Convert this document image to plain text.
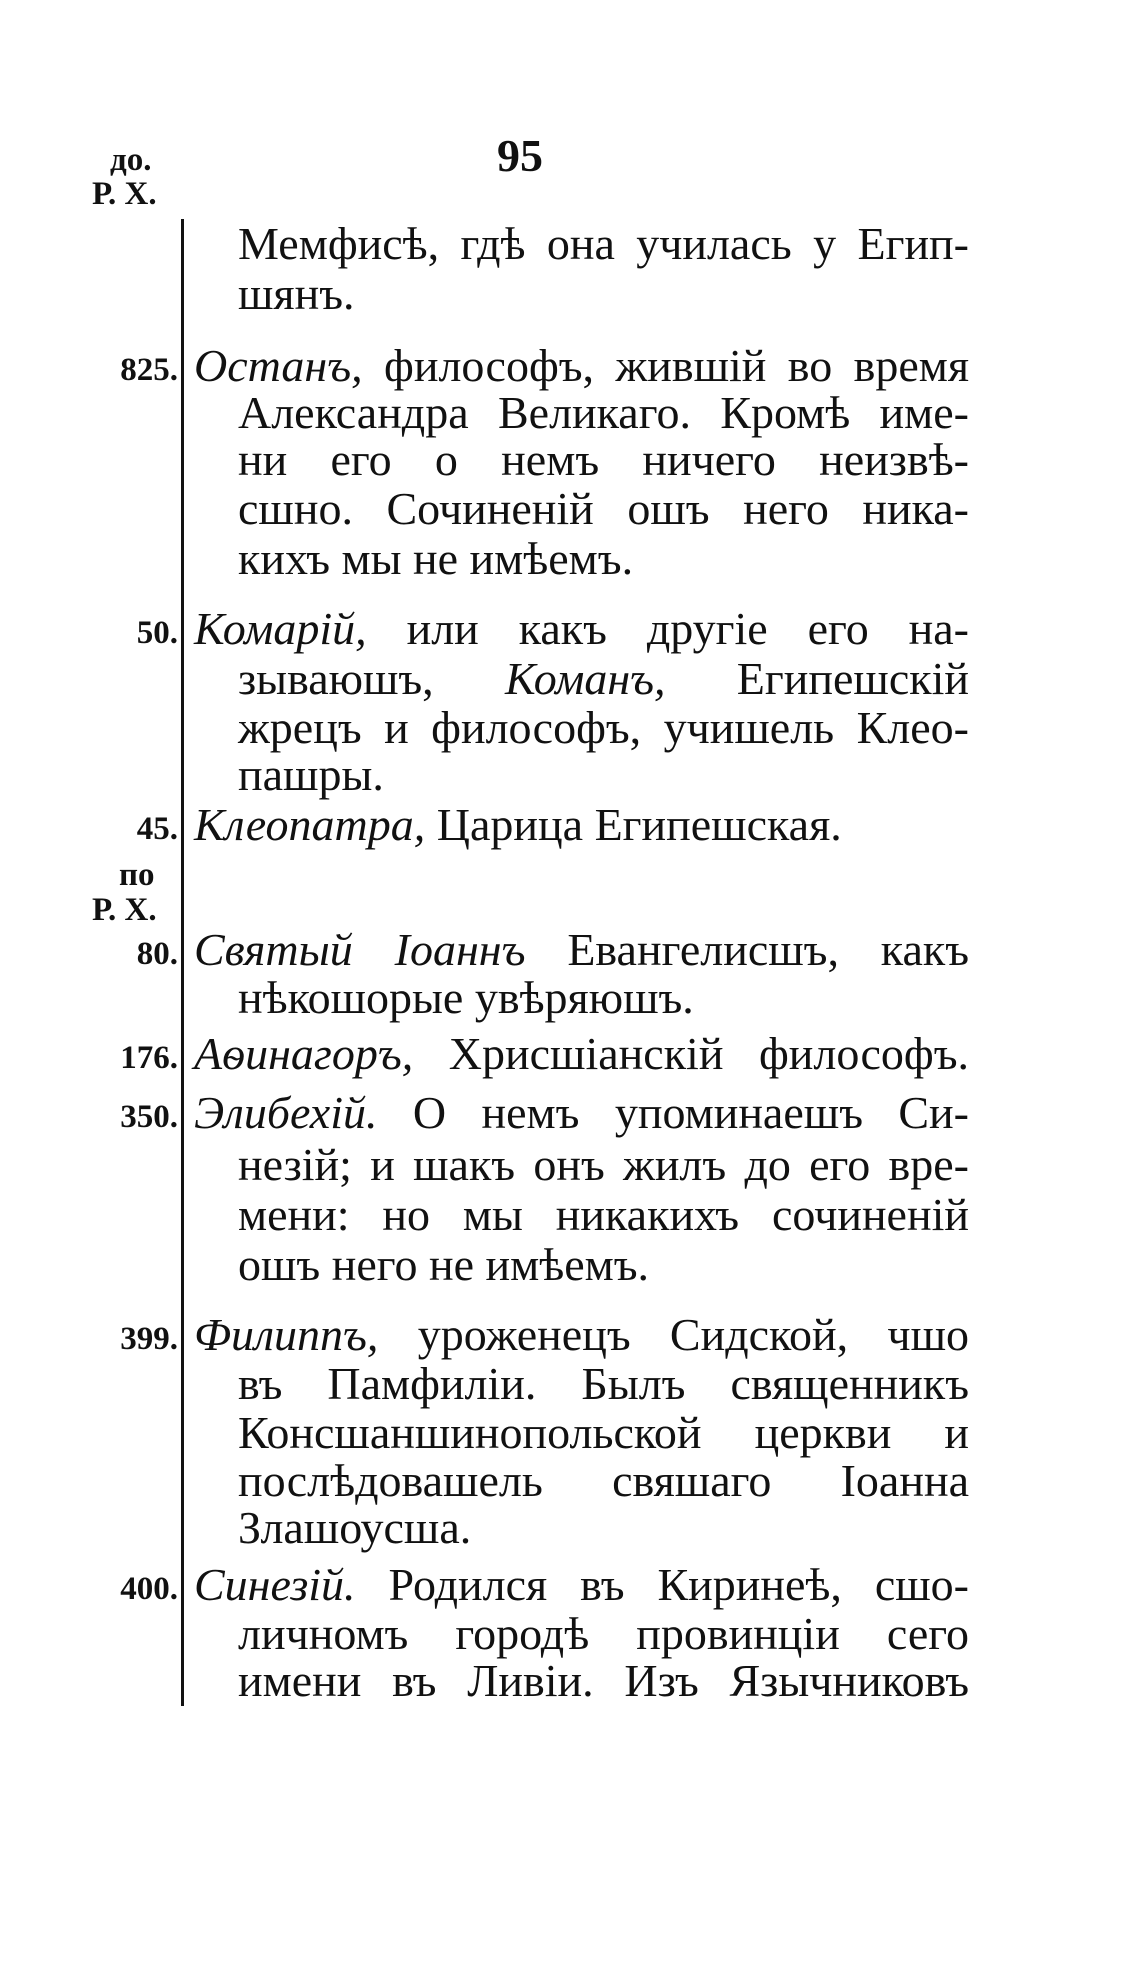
95
до.
Р. Х.
Мемфисѣ, гдѣ она училась у Егип-
шянъ.
825. Останъ, философъ, жившій во время
Александра Великаго. Кромѣ име-
ни его о немъ ничего неизвѣ-
сшно. Сочиненій ошъ него ника-
кихъ мы не имѣемъ.
50. Комарій, или какъ другіе его на-
зываюшъ, Команъ, Египешскій
жрецъ и философъ, учишель Клео-
пашры.
45. Клеопатра, Царица Египешская.
по
Р. Х.
80. Святый Іоаннъ Евангелисшъ, какъ
нѣкошорые увѣряюшъ.
176. Аѳинагоръ, Хрисшіанскій философъ.
350. Элибехій. О немъ упоминаешъ Си-
незій; и шакъ онъ жилъ до его вре-
мени: но мы никакихъ сочиненій
ошъ него не имѣемъ.
399. Филиппъ, уроженецъ Сидской, чшо
въ Памфиліи. Былъ священникъ
Консшаншинопольской церкви и
послѣдовашель свяшаго Іоанна
Злашоусша.
400. Синезій. Родился въ Киринеѣ, сшо-
личномъ городѣ провинціи сего
имени въ Ливіи. Изъ Язычниковъ
